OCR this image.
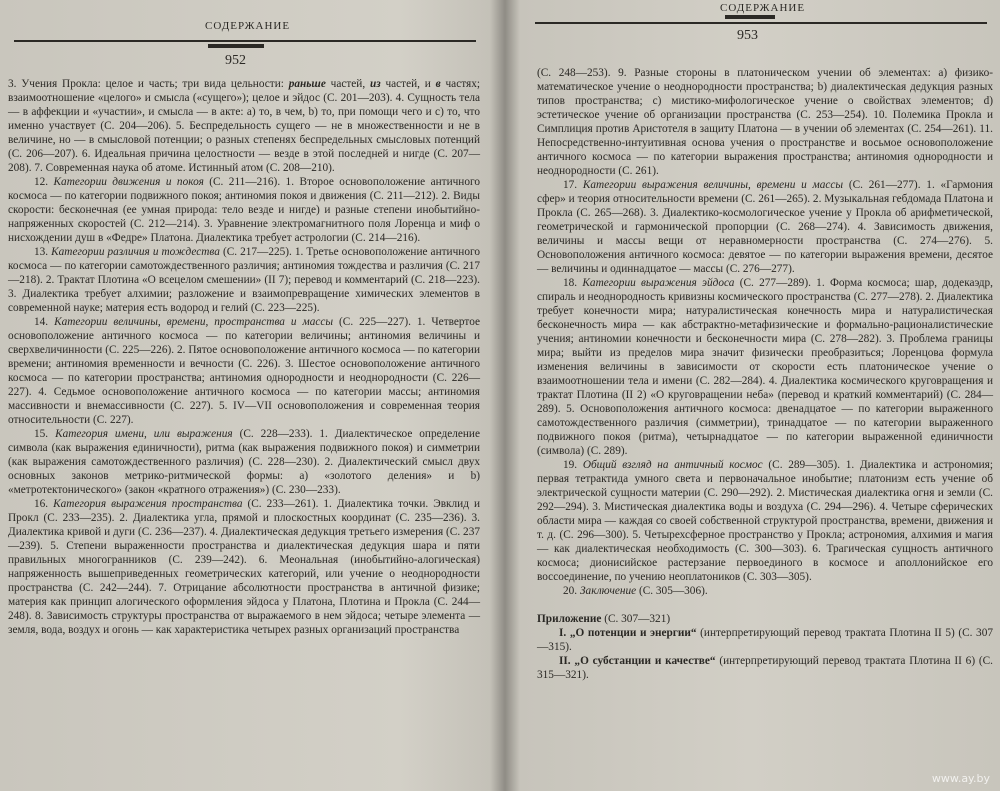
СОДЕРЖАНИЕ
952

3. Учения Прокла: целое и часть; три вида цельности: раньше частей, из частей, и в частях; взаимоотношение «целого» и смысла («сущего»); целое и эйдос (С. 201—203). 4. Сущность тела — в аффекции и «участии», и смысла — в акте: a) то, в чем, b) то, при помощи чего и с) то, что именно участвует (С. 204—206). 5. Беспредельность сущего — не в множественности и не в величине, но — в смысловой потенции; о разных степенях беспредельных смысловых потенций (С. 206—207). 6. Идеальная причина целостности — везде в этой последней и нигде (С. 207—208). 7. Современная наука об атоме. Истинный атом (С. 208—210).

12. Категории движения и покоя (С. 211—216). 1. Второе основоположение античного космоса — по категории подвижного покоя; антиномия покоя и движения (С. 211—212). 2. Виды скорости: бесконечная (ее умная природа: тело везде и нигде) и разные степени инобытийно-напряженных скоростей (С. 212—214). 3. Уравнение электромагнитного поля Лоренца и миф о нисхождении душ в «Федре» Платона. Диалектика требует астрологии (С. 214—216).

13. Категории различия и тождества (С. 217—225). 1. Третье основоположение античного космоса — по категории самотождественного различия; антиномия тождества и различия (С. 217—218). 2. Трактат Плотина «О всецелом смешении» (II 7); перевод и комментарий (С. 218—223). 3. Диалектика требует алхимии; разложение и взаимопревращение химических элементов в современной науке; материя есть водород и гелий (С. 223—225).

14. Категории величины, времени, пространства и массы (С. 225—227). 1. Четвертое основоположение античного космоса — по категории величины; антиномия величины и сверхвеличинности (С. 225—226). 2. Пятое основоположение античного космоса — по категории времени; антиномия временности и вечности (С. 226). 3. Шестое основоположение античного космоса — по категории пространства; антиномия однородности и неоднородности (С. 226—227). 4. Седьмое основоположение античного космоса — по категории массы; антиномия массивности и внемассивности (С. 227). 5. IV—VII основоположения и современная теория относительности (С. 227).

15. Категория имени, или выражения (С. 228—233). 1. Диалектическое определение символа (как выражения единичности), ритма (как выражения подвижного покоя) и симметрии (как выражения самотождественного различия) (С. 228—230). 2. Диалектический смысл двух основных законов метрико-ритмической формы: a) «золотого деления» и b) «метротектонического» (закон «кратного отражения») (С. 230—233).

16. Категория выражения пространства (С. 233—261). 1. Диалектика точки. Эвклид и Прокл (С. 233—235). 2. Диалектика угла, прямой и плоскостных координат (С. 235—236). 3. Диалектика кривой и дуги (С. 236—237). 4. Диалектическая дедукция третьего измерения (С. 237—239). 5. Степени выраженности пространства и диалектическая дедукция шара и пяти правильных многогранников (С. 239—242). 6. Меональная (инобытийно-алогическая) напряженность вышеприведенных геометрических категорий, или учение о неоднородности пространства (С. 242—244). 7. Отрицание абсолютности пространства в античной физике; материя как принцип алогического оформления эйдоса у Платона, Плотина и Прокла (С. 244—248). 8. Зависимость структуры пространства от выражаемого в нем эйдоса; четыре элемента — земля, вода, воздух и огонь — как характеристика четырех разных организаций пространства

СОДЕРЖАНИЕ
953

(С. 248—253). 9. Разные стороны в платоническом учении об элементах: a) физико-математическое учение о неоднородности пространства; b) диалектическая дедукция разных типов пространства; с) мистико-мифологическое учение о свойствах элементов; d) эстетическое учение об организации пространства (С. 253—254). 10. Полемика Прокла и Симплиция против Аристотеля в защиту Платона — в учении об элементах (С. 254—261). 11. Непосредственно-интуитивная основа учения о пространстве и восьмое основоположение античного космоса — по категории выражения пространства; антиномия однородности и неоднородности (С. 261).

17. Категории выражения величины, времени и массы (С. 261—277). 1. «Гармония сфер» и теория относительности времени (С. 261—265). 2. Музыкальная гебдомада Платона и Прокла (С. 265—268). 3. Диалектико-космологическое учение у Прокла об арифметической, геометрической и гармонической пропорции (С. 268—274). 4. Зависимость движения, величины и массы вещи от неравномерности пространства (С. 274—276). 5. Основоположения античного космоса: девятое — по категории выражения времени, десятое — величины и одиннадцатое — массы (С. 276—277).

18. Категории выражения эйдоса (С. 277—289). 1. Форма космоса; шар, додекаэдр, спираль и неоднородность кривизны космического пространства (С. 277—278). 2. Диалектика требует конечности мира; натуралистическая конечность мира и натуралистическая бесконечность мира — как абстрактно-метафизические и формально-рационалистические учения; антиномии конечности и бесконечности мира (С. 278—282). 3. Проблема границы мира; выйти из пределов мира значит физически преобразиться; Лоренцова формула изменения величины в зависимости от скорости есть платоническое учение о взаимоотношении тела и имени (С. 282—284). 4. Диалектика космического круговращения и трактат Плотина (II 2) «О круговращении неба» (перевод и краткий комментарий) (С. 284—289). 5. Основоположения античного космоса: двенадцатое — по категории выраженного самотождественного различия (симметрии), тринадцатое — по категории выраженного подвижного покоя (ритма), четырнадцатое — по категории выраженной единичности (символа) (С. 289).

19. Общий взгляд на античный космос (С. 289—305). 1. Диалектика и астрономия; первая тетрактида умного света и первоначальное инобытие; платонизм есть учение об электрической сущности материи (С. 290—292). 2. Мистическая диалектика огня и земли (С. 292—294). 3. Мистическая диалектика воды и воздуха (С. 294—296). 4. Четыре сферических области мира — каждая со своей собственной структурой пространства, времени, движения и т. д. (С. 296—300). 5. Четырехсферное пространство у Прокла; астрономия, алхимия и магия — как диалектическая необходимость (С. 300—303). 6. Трагическая сущность античного космоса; дионисийское растерзание первоединого в космосе и аполлонийское его воссоединение, по учению неоплатоников (С. 303—305).

20. Заключение (С. 305—306).

Приложение (С. 307—321)

I. „О потенции и энергии“ (интерпретирующий перевод трактата Плотина II 5) (С. 307—315).

II. „О субстанции и качестве“ (интерпретирующий перевод трактата Плотина II 6) (С. 315—321).

www.ay.by
